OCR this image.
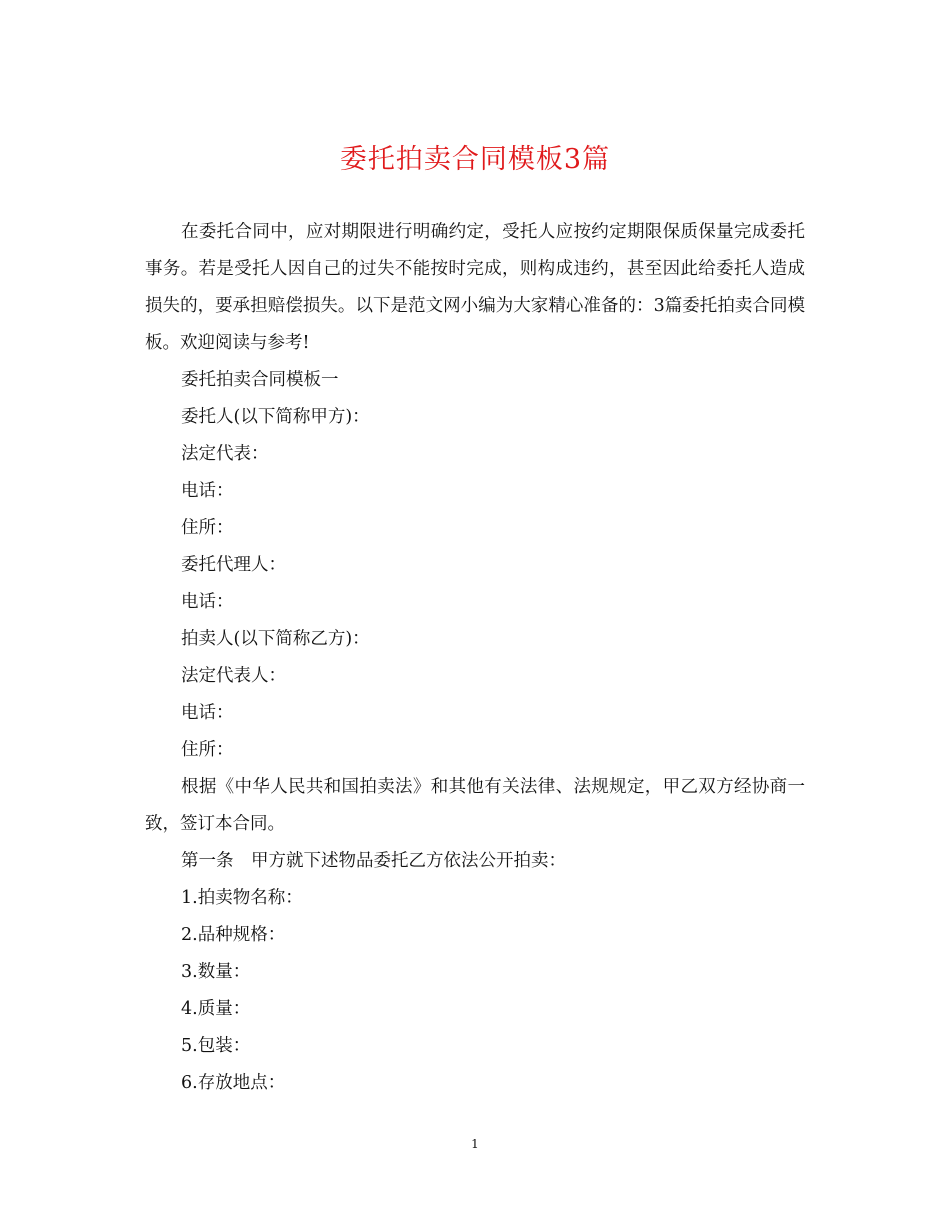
委托拍卖合同模板3篇

在委托合同中，应对期限进行明确约定，受托人应按约定期限保质保量完成委托事务。若是受托人因自己的过失不能按时完成，则构成违约，甚至因此给委托人造成损失的，要承担赔偿损失。以下是范文网小编为大家精心准备的：3篇委托拍卖合同模板。欢迎阅读与参考!

委托拍卖合同模板一

委托人(以下简称甲方)：

法定代表：

电话：

住所：

委托代理人：

电话：

拍卖人(以下简称乙方)：

法定代表人：

电话：

住所：

根据《中华人民共和国拍卖法》和其他有关法律、法规规定，甲乙双方经协商一致，签订本合同。

第一条　甲方就下述物品委托乙方依法公开拍卖：

1.拍卖物名称：

2.品种规格：

3.数量：

4.质量：

5.包装：

6.存放地点：

1
